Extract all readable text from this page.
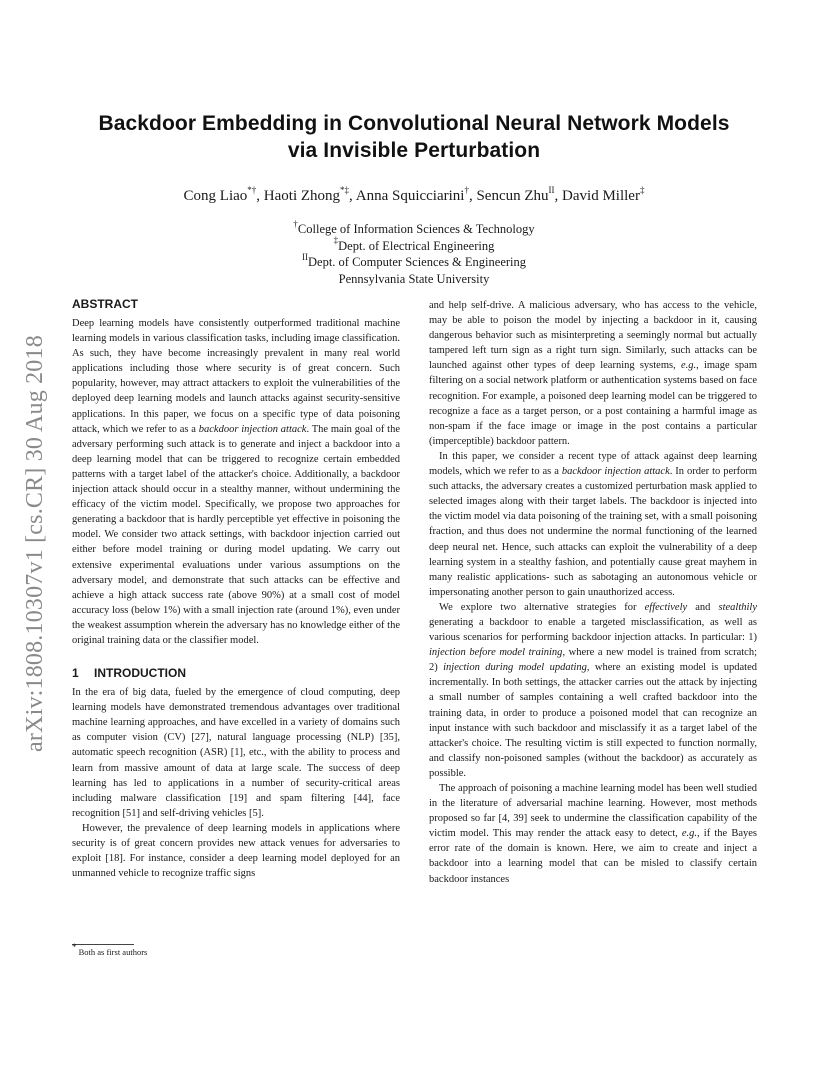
Backdoor Embedding in Convolutional Neural Network Models
via Invisible Perturbation
Cong Liao*†, Haoti Zhong*‡, Anna Squicciarini†, Sencun Zhu$^{II}$, David Miller‡
†College of Information Sciences & Technology
‡Dept. of Electrical Engineering
$^{II}$Dept. of Computer Sciences & Engineering
Pennsylvania State University
arXiv:1808.10307v1 [cs.CR] 30 Aug 2018
ABSTRACT

Deep learning models have consistently outperformed traditional machine learning models in various classification tasks, including image classification. As such, they have become increasingly prevalent in many real world applications including those where security is of great concern. Such popularity, however, may attract attackers to exploit the vulnerabilities of the deployed deep learning models and launch attacks against security-sensitive applications. In this paper, we focus on a specific type of data poisoning attack, which we refer to as a backdoor injection attack. The main goal of the adversary performing such attack is to generate and inject a backdoor into a deep learning model that can be triggered to recognize certain embedded patterns with a target label of the attacker's choice. Additionally, a backdoor injection attack should occur in a stealthy manner, without undermining the efficacy of the victim model. Specifically, we propose two approaches for generating a backdoor that is hardly perceptible yet effective in poisoning the model. We consider two attack settings, with backdoor injection carried out either before model training or during model updating. We carry out extensive experimental evaluations under various assumptions on the adversary model, and demonstrate that such attacks can be effective and achieve a high attack success rate (above 90%) at a small cost of model accuracy loss (below 1%) with a small injection rate (around 1%), even under the weakest assumption wherein the adversary has no knowledge either of the original training data or the classifier model.

1 INTRODUCTION

In the era of big data, fueled by the emergence of cloud computing, deep learning models have demonstrated tremendous advantages over traditional machine learning approaches, and have excelled in a variety of domains such as computer vision (CV) [27], natural language processing (NLP) [35], automatic speech recognition (ASR) [1], etc., with the ability to process and learn from massive amount of data at large scale. The success of deep learning has led to applications in a number of security-critical areas including malware classification [19] and spam filtering [44], face recognition [51] and self-driving vehicles [5].

However, the prevalence of deep learning models in applications where security is of great concern provides new attack venues for adversaries to exploit [18]. For instance, consider a deep learning model deployed for an unmanned vehicle to recognize traffic signs

and help self-drive. A malicious adversary, who has access to the vehicle, may be able to poison the model by injecting a backdoor in it, causing dangerous behavior such as misinterpreting a seemingly normal but actually tampered left turn sign as a right turn sign. Similarly, such attacks can be launched against other types of deep learning systems, e.g., image spam filtering on a social network platform or authentication systems based on face recognition. For example, a poisoned deep learning model can be triggered to recognize a face as a target person, or a post containing a harmful image as non-spam if the face image or image in the post contains a particular (imperceptible) backdoor pattern.

In this paper, we consider a recent type of attack against deep learning models, which we refer to as a backdoor injection attack. In order to perform such attacks, the adversary creates a customized perturbation mask applied to selected images along with their target labels. The backdoor is injected into the victim model via data poisoning of the training set, with a small poisoning fraction, and thus does not undermine the normal functioning of the learned deep neural net. Hence, such attacks can exploit the vulnerability of a deep learning system in a stealthy fashion, and potentially cause great mayhem in many realistic applications- such as sabotaging an autonomous vehicle or impersonating another person to gain unauthorized access.

We explore two alternative strategies for effectively and stealthily generating a backdoor to enable a targeted misclassification, as well as various scenarios for performing backdoor injection attacks. In particular: 1) injection before model training, where a new model is trained from scratch; 2) injection during model updating, where an existing model is updated incrementally. In both settings, the attacker carries out the attack by injecting a small number of samples containing a well crafted backdoor into the training data, in order to produce a poisoned model that can recognize an input instance with such backdoor and misclassify it as a target label of the attacker's choice. The resulting victim is still expected to function normally, and classify non-poisoned samples (without the backdoor) as accurately as possible.

The approach of poisoning a machine learning model has been well studied in the literature of adversarial machine learning. However, most methods proposed so far [4, 39] seek to undermine the classification capability of the victim model. This may render the attack easy to detect, e.g., if the Bayes error rate of the domain is known. Here, we aim to create and inject a backdoor into a learning model that can be misled to classify certain backdoor instances

* Both as first authors
